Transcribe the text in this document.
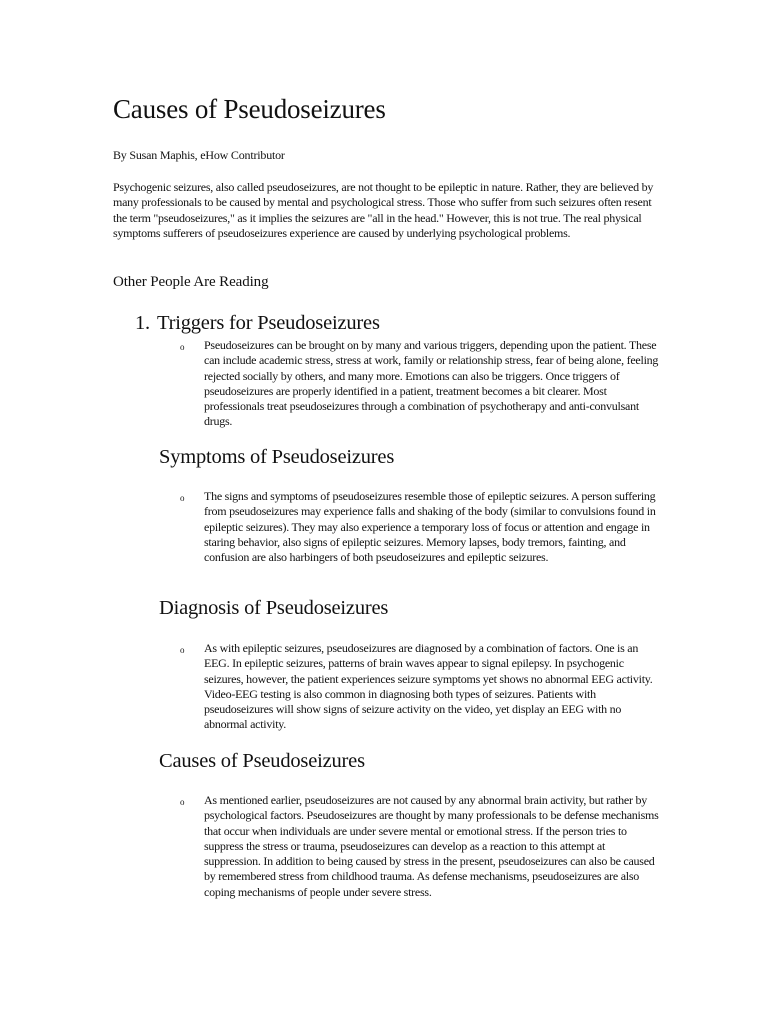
Causes of Pseudoseizures
By Susan Maphis, eHow Contributor

Psychogenic seizures, also called pseudoseizures, are not thought to be epileptic in nature. Rather, they are believed by many professionals to be caused by mental and psychological stress. Those who suffer from such seizures often resent the term "pseudoseizures," as it implies the seizures are "all in the head." However, this is not true. The real physical symptoms sufferers of pseudoseizures experience are caused by underlying psychological problems.

Other People Are Reading
1. Triggers for Pseudoseizures
o Pseudoseizures can be brought on by many and various triggers, depending upon the patient. These can include academic stress, stress at work, family or relationship stress, fear of being alone, feeling rejected socially by others, and many more. Emotions can also be triggers. Once triggers of pseudoseizures are properly identified in a patient, treatment becomes a bit clearer. Most professionals treat pseudoseizures through a combination of psychotherapy and anti-convulsant drugs.

Symptoms of Pseudoseizures
o The signs and symptoms of pseudoseizures resemble those of epileptic seizures. A person suffering from pseudoseizures may experience falls and shaking of the body (similar to convulsions found in epileptic seizures). They may also experience a temporary loss of focus or attention and engage in staring behavior, also signs of epileptic seizures. Memory lapses, body tremors, fainting, and confusion are also harbingers of both pseudoseizures and epileptic seizures.

Diagnosis of Pseudoseizures
o As with epileptic seizures, pseudoseizures are diagnosed by a combination of factors. One is an EEG. In epileptic seizures, patterns of brain waves appear to signal epilepsy. In psychogenic seizures, however, the patient experiences seizure symptoms yet shows no abnormal EEG activity. Video-EEG testing is also common in diagnosing both types of seizures. Patients with pseudoseizures will show signs of seizure activity on the video, yet display an EEG with no abnormal activity.

Causes of Pseudoseizures
o As mentioned earlier, pseudoseizures are not caused by any abnormal brain activity, but rather by psychological factors. Pseudoseizures are thought by many professionals to be defense mechanisms that occur when individuals are under severe mental or emotional stress. If the person tries to suppress the stress or trauma, pseudoseizures can develop as a reaction to this attempt at suppression. In addition to being caused by stress in the present, pseudoseizures can also be caused by remembered stress from childhood trauma. As defense mechanisms, pseudoseizures are also coping mechanisms of people under severe stress.
